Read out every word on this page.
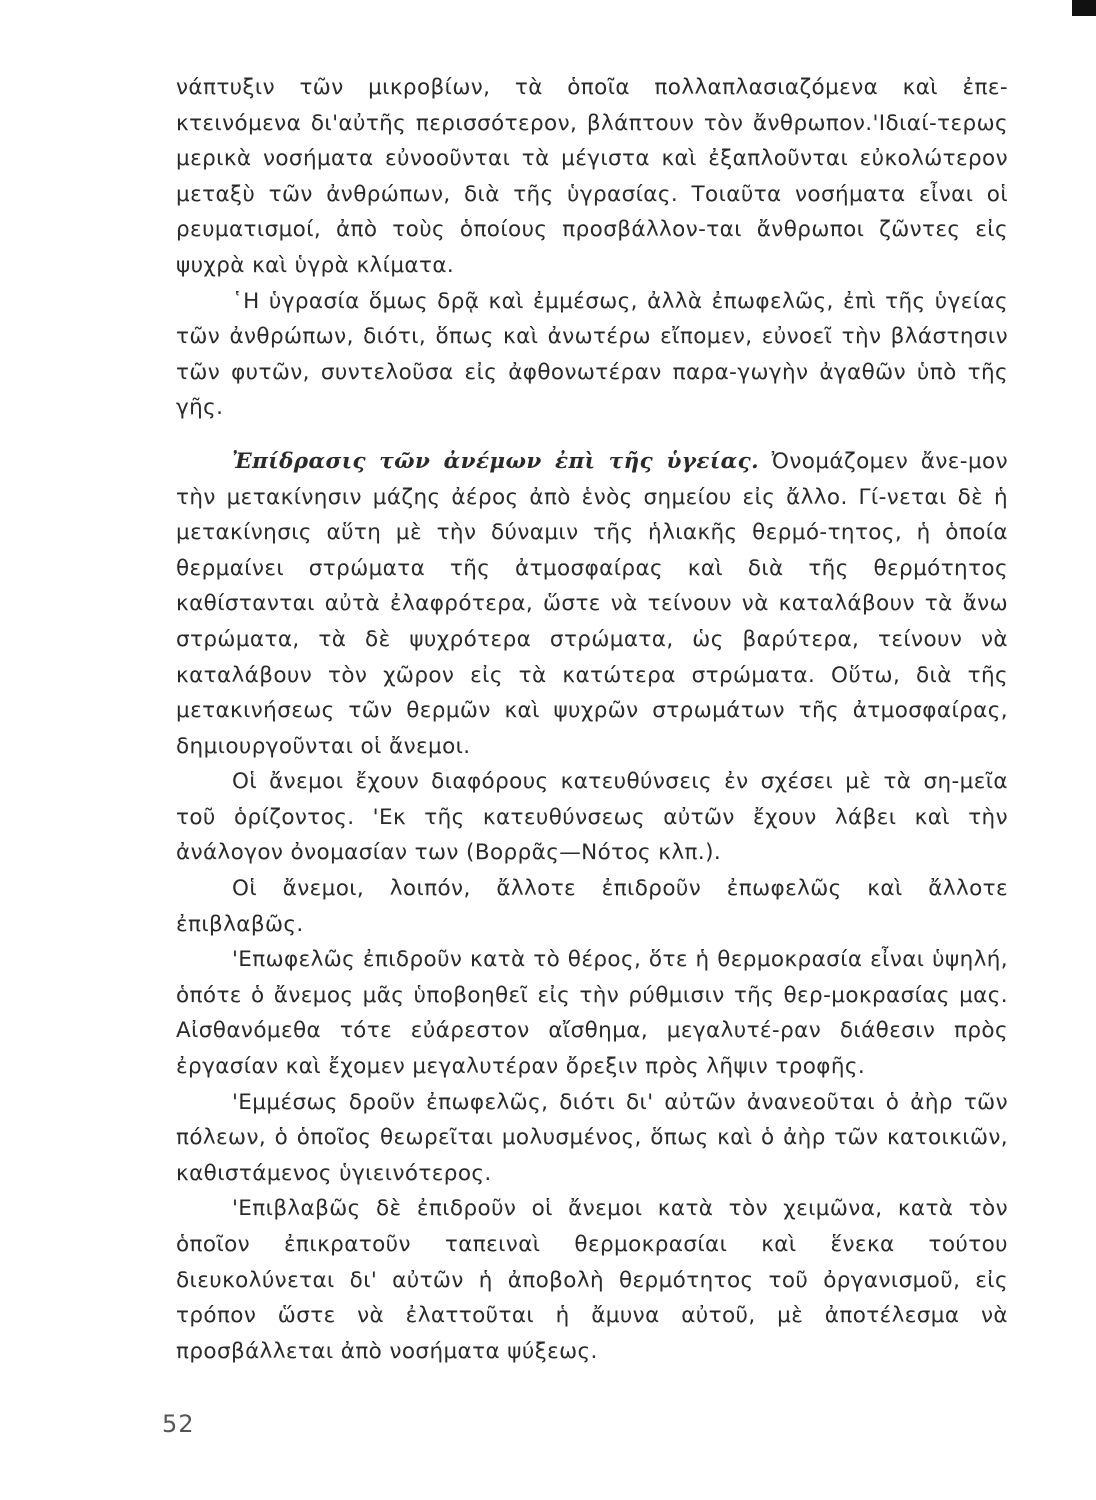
νάπτυξιν τῶν μικροβίων, τὰ ὁποῖα πολλαπλασιαζόμενα καὶ ἐπε-κτεινόμενα δι'αὐτῆς περισσότερον, βλάπτουν τὸν ἄνθρωπον.'Ιδιαί-τερως μερικὰ νοσήματα εὐνοοῦνται τὰ μέγιστα καὶ ἐξαπλοῦνται εὐκολώτερον μεταξὺ τῶν ἀνθρώπων, διὰ τῆς ὑγρασίας. Τοιαῦτα νοσήματα εἶναι οἱ ρευματισμοί, ἀπὸ τοὺς ὁποίους προσβάλλον-ται ἄνθρωποι ζῶντες εἰς ψυχρὰ καὶ ὑγρὰ κλίματα.

῾Η ὑγρασία ὅμως δρᾷ καὶ ἐμμέσως, ἀλλὰ ἐπωφελῶς, ἐπὶ τῆς ὑγείας τῶν ἀνθρώπων, διότι, ὅπως καὶ ἀνωτέρω εἴπομεν, εὐνοεῖ τὴν βλάστησιν τῶν φυτῶν, συντελοῦσα εἰς ἀφθονωτέραν παρα-γωγὴν ἀγαθῶν ὑπὸ τῆς γῆς.

Ἐπίδρασις τῶν ἀνέμων ἐπὶ τῆς ὑγείας. Ὀνομάζομεν ἄνε-μον τὴν μετακίνησιν μάζης ἀέρος ἀπὸ ἑνὸς σημείου εἰς ἄλλο. Γί-νεται δὲ ἡ μετακίνησις αὕτη μὲ τὴν δύναμιν τῆς ἡλιακῆς θερμό-τητος, ἡ ὁποία θερμαίνει στρώματα τῆς ἀτμοσφαίρας καὶ διὰ τῆς θερμότητος καθίστανται αὐτὰ ἐλαφρότερα, ὥστε νὰ τείνουν νὰ καταλάβουν τὰ ἄνω στρώματα, τὰ δὲ ψυχρότερα στρώματα, ὡς βαρύτερα, τείνουν νὰ καταλάβουν τὸν χῶρον εἰς τὰ κατώτερα στρώματα. Οὕτω, διὰ τῆς μετακινήσεως τῶν θερμῶν καὶ ψυχρῶν στρωμάτων τῆς ἀτμοσφαίρας, δημιουργοῦνται οἱ ἄνεμοι.

Οἱ ἄνεμοι ἔχουν διαφόρους κατευθύνσεις ἐν σχέσει μὲ τὰ ση-μεῖα τοῦ ὁρίζοντος. 'Εκ τῆς κατευθύνσεως αὐτῶν ἔχουν λάβει καὶ τὴν ἀνάλογον ὀνομασίαν των (Βορρᾶς—Νότος κλπ.).

Οἱ ἄνεμοι, λοιπόν, ἄλλοτε ἐπιδροῦν ἐπωφελῶς καὶ ἄλλοτε ἐπιβλαβῶς.

'Επωφελῶς ἐπιδροῦν κατὰ τὸ θέρος, ὅτε ἡ θερμοκρασία εἶναι ὑψηλή, ὁπότε ὁ ἄνεμος μᾶς ὑποβοηθεῖ εἰς τὴν ρύθμισιν τῆς θερ-μοκρασίας μας. Αἰσθανόμεθα τότε εὐάρεστον αἴσθημα, μεγαλυτέ-ραν διάθεσιν πρὸς ἐργασίαν καὶ ἔχομεν μεγαλυτέραν ὄρεξιν πρὸς λῆψιν τροφῆς.

'Εμμέσως δροῦν ἐπωφελῶς, διότι δι' αὐτῶν ἀνανεοῦται ὁ ἀὴρ τῶν πόλεων, ὁ ὁποῖος θεωρεῖται μολυσμένος, ὅπως καὶ ὁ ἀὴρ τῶν κατοικιῶν, καθιστάμενος ὑγιεινότερος.

'Επιβλαβῶς δὲ ἐπιδροῦν οἱ ἄνεμοι κατὰ τὸν χειμῶνα, κατὰ τὸν ὁποῖον ἐπικρατοῦν ταπειναὶ θερμοκρασίαι καὶ ἕνεκα τούτου διευκολύνεται δι' αὐτῶν ἡ ἀποβολὴ θερμότητος τοῦ ὀργανισμοῦ, εἰς τρόπον ὥστε νὰ ἐλαττοῦται ἡ ἄμυνα αὐτοῦ, μὲ ἀποτέλεσμα νὰ προσβάλλεται ἀπὸ νοσήματα ψύξεως.

52
